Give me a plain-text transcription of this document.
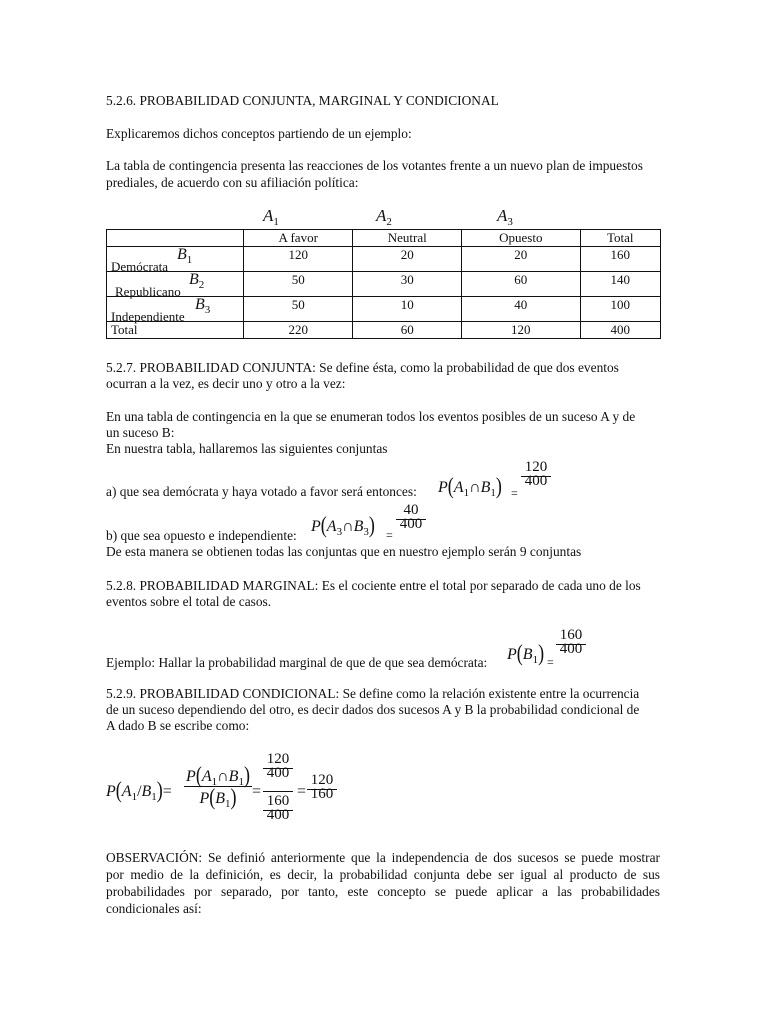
5.2.6. PROBABILIDAD CONJUNTA, MARGINAL Y CONDICIONAL
Explicaremos dichos conceptos partiendo de un ejemplo:
La tabla de contingencia presenta las reacciones de los votantes frente a un nuevo plan de impuestos
prediales, de acuerdo con su afiliación política:
$A_1$	$A_2$	$A_3$
	A favor	Neutral	Opuesto	Total

Demócrata
$B_1$	120	20	20	160

Republicano
$B_2$	50	30	60	140

Independiente
$B_3$	50	10	40	100
Total	220	60	120	400
5.2.7. PROBABILIDAD CONJUNTA: Se define ésta, como la probabilidad de que dos eventos
ocurran a la vez, es decir uno y otro a la vez:
En una tabla de contingencia en la que se enumeran todos los eventos posibles de un suceso A y de
un suceso B:
En nuestra tabla, hallaremos las siguientes conjuntas
a) que sea demócrata y haya votado a favor será entonces: $P(A_1\cap B_1)$ =
120
400
b) que sea opuesto e independiente:
$P(A_3\cap B_3)$ =
40
400
De esta manera se obtienen todas las conjuntas que en nuestro ejemplo serán 9 conjuntas
5.2.8. PROBABILIDAD MARGINAL: Es el cociente entre el total por separado de cada uno de los
eventos sobre el total de casos.
Ejemplo: Hallar la probabilidad marginal de que de que sea demócrata: $P(B_1)$ =
160
400
5.2.9. PROBABILIDAD CONDICIONAL: Se define como la relación existente entre la ocurrencia
de un suceso dependiendo del otro, es decir dados dos sucesos A y B la probabilidad condicional de
A dado B se escribe como:
$P(A_1/B_1)=$
$P(A_1\cap B_1)$
$P(B_1)$ =
120
400
160
400
=
120
160
OBSERVACIÓN: Se definió anteriormente que la independencia de dos sucesos se puede mostrar
por medio de la definición, es decir, la probabilidad conjunta debe ser igual al producto de sus
probabilidades por separado, por tanto, este concepto se puede aplicar a las probabilidades
condicionales así:
